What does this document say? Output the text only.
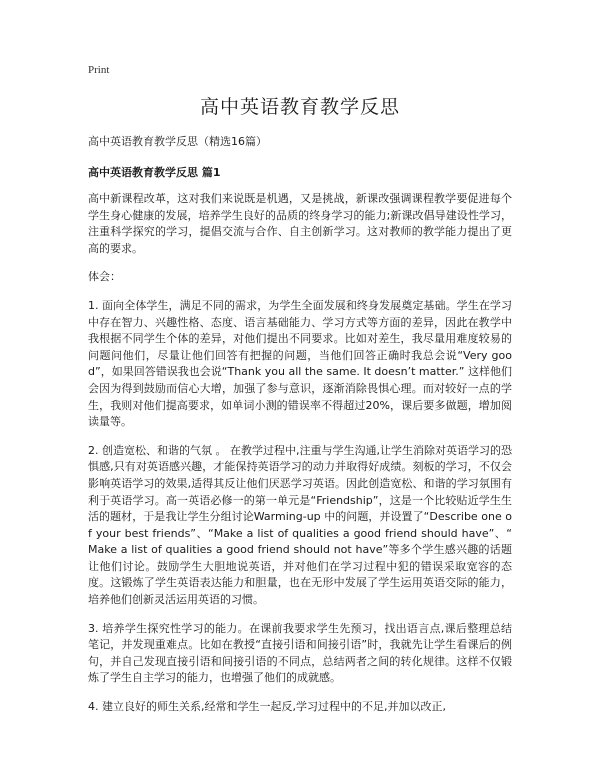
Print
高中英语教育教学反思
高中英语教育教学反思（精选16篇）
高中英语教育教学反思 篇1

高中新课程改革，这对我们来说既是机遇，又是挑战，新课改强调课程教学要促进每个学生身心健康的发展，培养学生良好的品质的终身学习的能力;新课改倡导建设性学习，注重科学探究的学习，提倡交流与合作、自主创新学习。这对教师的教学能力提出了更高的要求。

体会：

1. 面向全体学生，满足不同的需求，为学生全面发展和终身发展奠定基础。学生在学习中存在智力、兴趣性格、态度、语言基础能力、学习方式等方面的差异，因此在教学中我根据不同学生个体的差异，对他们提出不同要求。比如对差生，我尽量用难度较易的问题问他们，尽量让他们回答有把握的问题，当他们回答正确时我总会说“Very good”，如果回答错误我也会说“Thank you all the same. It doesn’t matter.” 这样他们会因为得到鼓励而信心大增，加强了参与意识，逐渐消除畏惧心理。而对较好一点的学生，我则对他们提高要求，如单词小测的错误率不得超过20%，课后要多做题，增加阅读量等。

2. 创造宽松、和谐的气氛 。 在教学过程中,注重与学生沟通,让学生消除对英语学习的恐惧感,只有对英语感兴趣，才能保持英语学习的动力并取得好成绩。刻板的学习，不仅会影响英语学习的效果,适得其反让他们厌恶学习英语。因此创造宽松、和谐的学习氛围有利于英语学习。高一英语必修一的第一单元是“Friendship”，这是一个比较贴近学生生活的题材，于是我让学生分组讨论Warming-up 中的问题，并设置了“Describe one of your best friends”、“Make a list of qualities a good friend should have”、“ Make a list of qualities a good friend should not have”等多个学生感兴趣的话题让他们讨论。鼓励学生大胆地说英语，并对他们在学习过程中犯的错误采取宽容的态度。这锻炼了学生英语表达能力和胆量，也在无形中发展了学生运用英语交际的能力，培养他们创新灵活运用英语的习惯。

3. 培养学生探究性学习的能力。在课前我要求学生先预习，找出语言点,课后整理总结笔记，并发现重难点。比如在教授“直接引语和间接引语”时，我就先让学生看课后的例句，并自己发现直接引语和间接引语的不同点，总结两者之间的转化规律。这样不仅锻炼了学生自主学习的能力，也增强了他们的成就感。

4. 建立良好的师生关系,经常和学生一起反,学习过程中的不足,并加以改正,
